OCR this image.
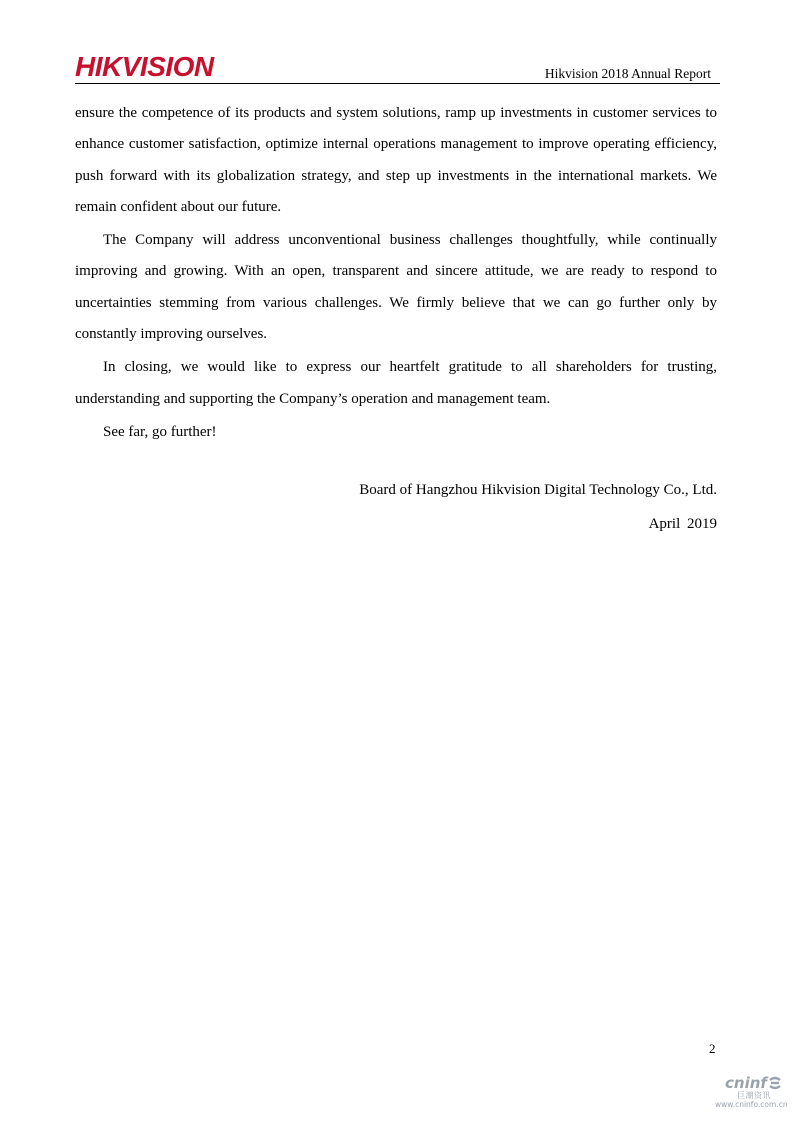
HIKVISION	Hikvision 2018 Annual Report

ensure the competence of its products and system solutions, ramp up investments in customer services to enhance customer satisfaction, optimize internal operations management to improve operating efficiency, push forward with its globalization strategy, and step up investments in the international markets. We remain confident about our future.

The Company will address unconventional business challenges thoughtfully, while continually improving and growing. With an open, transparent and sincere attitude, we are ready to respond to uncertainties stemming from various challenges. We firmly believe that we can go further only by constantly improving ourselves.

In closing, we would like to express our heartfelt gratitude to all shareholders for trusting, understanding and supporting the Company’s operation and management team.

See far, go further!

Board of Hangzhou Hikvision Digital Technology Co., Ltd.
April 2019
2
cninf
巨潮资讯
www.cninfo.com.cn
